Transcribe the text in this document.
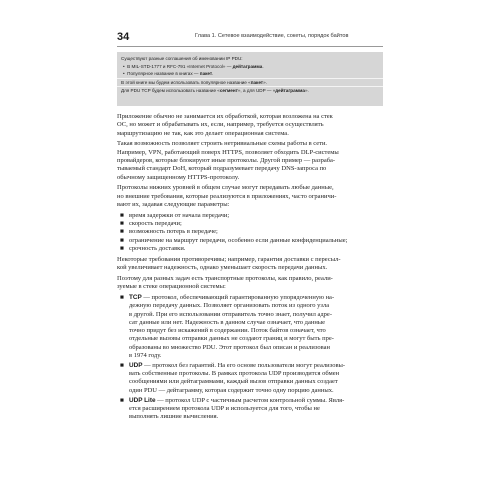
34	Глава 1. Сетевое взаимодействие, сокеты, порядок байтов
Существуют разные соглашения об именовании IP PDU:
•  В MIL-STD-1777 и RFC-791 «Internet Protocol» — дейтаграмма.
•  Популярное название в книгах — пакет.
В этой книге мы будем использовать популярное название «пакет».
Для PDU TCP будем использовать название «сегмент», а для UDP — «дейтаграмма».

Приложение обычно не занимается их обработкой, которая возложена на стек
ОС, но может и обрабатывать их, если, например, требуется осуществлять
маршрутизацию не так, как это делает операционная система.

Такая возможность позволяет строить нетривиальные схемы работы в сети.
Например, VPN, работающий поверх HTTPS, позволяет обходить DLP-системы
провайдеров, которые блокируют иные протоколы. Другой пример — разраба-
тываемый стандарт DoH, который подразумевает передачу DNS-запроса по
обычному защищенному HTTPS-протоколу.

Протоколы нижних уровней в общем случае могут передавать любые данные,
но внешние требования, которые реализуются в приложениях, часто ограничи-
вают их, задавая следующие параметры:

■ время задержки от начала передачи;
■ скорость передачи;
■ возможность потерь в передаче;
■ ограничение на маршрут передачи, особенно если данные конфиденциальные;
■ срочность доставки.

Некоторые требования противоречивы; например, гарантия доставки с пересыл-
кой увеличивает надежность, однако уменьшает скорость передачи данных.

Поэтому для разных задач есть транспортные протоколы, как правило, реали-
зуемые в стеке операционной системы:

■ TCP — протокол, обеспечивающий гарантированную упорядоченную на-
дежную передачу данных. Позволяет организовать поток из одного узла
в другой. При его использовании отправитель точно знает, получил адре-
сат данные или нет. Надежность в данном случае означает, что данные
точно придут без искажений в содержании. Поток байтов означает, что
отдельные вызовы отправки данных не создают границ и могут быть пре-
образованы во множество PDU. Этот протокол был описан и реализован
в 1974 году.
■ UDP — протокол без гарантий. На его основе пользователи могут реализовы-
вать собственные протоколы. В рамках протокола UDP производится обмен
сообщениями или дейтаграммами, каждый вызов отправки данных создает
один PDU — дейтаграмму, которая содержит точно одну порцию данных.
■ UDP Lite — протокол UDP с частичным расчетом контрольной суммы. Явля-
ется расширением протокола UDP и используется для того, чтобы не
выполнять лишние вычисления.
